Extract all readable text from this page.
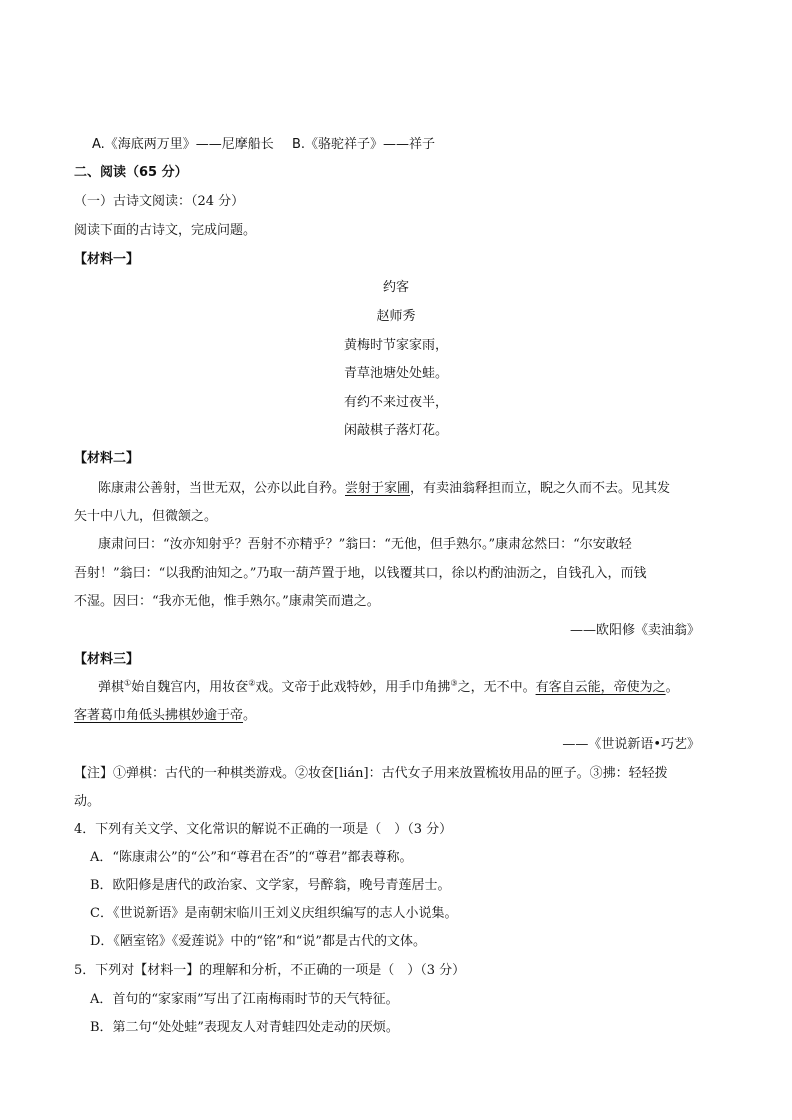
A.《海底两万里》——尼摩船长 B.《骆驼祥子》——祥子
二、阅读（65 分）
（一）古诗文阅读：（24 分）
阅读下面的古诗文，完成问题。
【材料一】
约客
赵师秀
黄梅时节家家雨，
青草池塘处处蛙。
有约不来过夜半，
闲敲棋子落灯花。
【材料二】
陈康肃公善射，当世无双，公亦以此自矜。尝射于家圃，有卖油翁释担而立，睨之久而不去。见其发
矢十中八九，但微颔之。
康肃问曰：“汝亦知射乎？吾射不亦精乎？”翁曰：“无他，但手熟尔。”康肃忿然曰：“尔安敢轻
吾射！”翁曰：“以我酌油知之。”乃取一葫芦置于地，以钱覆其口，徐以杓酌油沥之，自钱孔入，而钱
不湿。因曰：“我亦无他，惟手熟尔。”康肃笑而遣之。
——欧阳修《卖油翁》
【材料三】
弹棋①始自魏宫内，用妆奁②戏。文帝于此戏特妙，用手巾角拂③之，无不中。有客自云能，帝使为之。
客著葛巾角低头拂棋妙逾于帝。
——《世说新语•巧艺》
【注】①弹棋：古代的一种棋类游戏。②妆奁[lián]：古代女子用来放置梳妆用品的匣子。③拂：轻轻拨
动。
4．下列有关文学、文化常识的解说不正确的一项是（　）（3 分）
A．“陈康肃公”的“公”和“尊君在否”的“尊君”都表尊称。
B．欧阳修是唐代的政治家、文学家，号醉翁，晚号青莲居士。
C．《世说新语》是南朝宋临川王刘义庆组织编写的志人小说集。
D．《陋室铭》《爱莲说》中的“铭”和“说”都是古代的文体。
5．下列对【材料一】的理解和分析，不正确的一项是（　）（3 分）
A．首句的“家家雨”写出了江南梅雨时节的天气特征。
B．第二句“处处蛙”表现友人对青蛙四处走动的厌烦。
